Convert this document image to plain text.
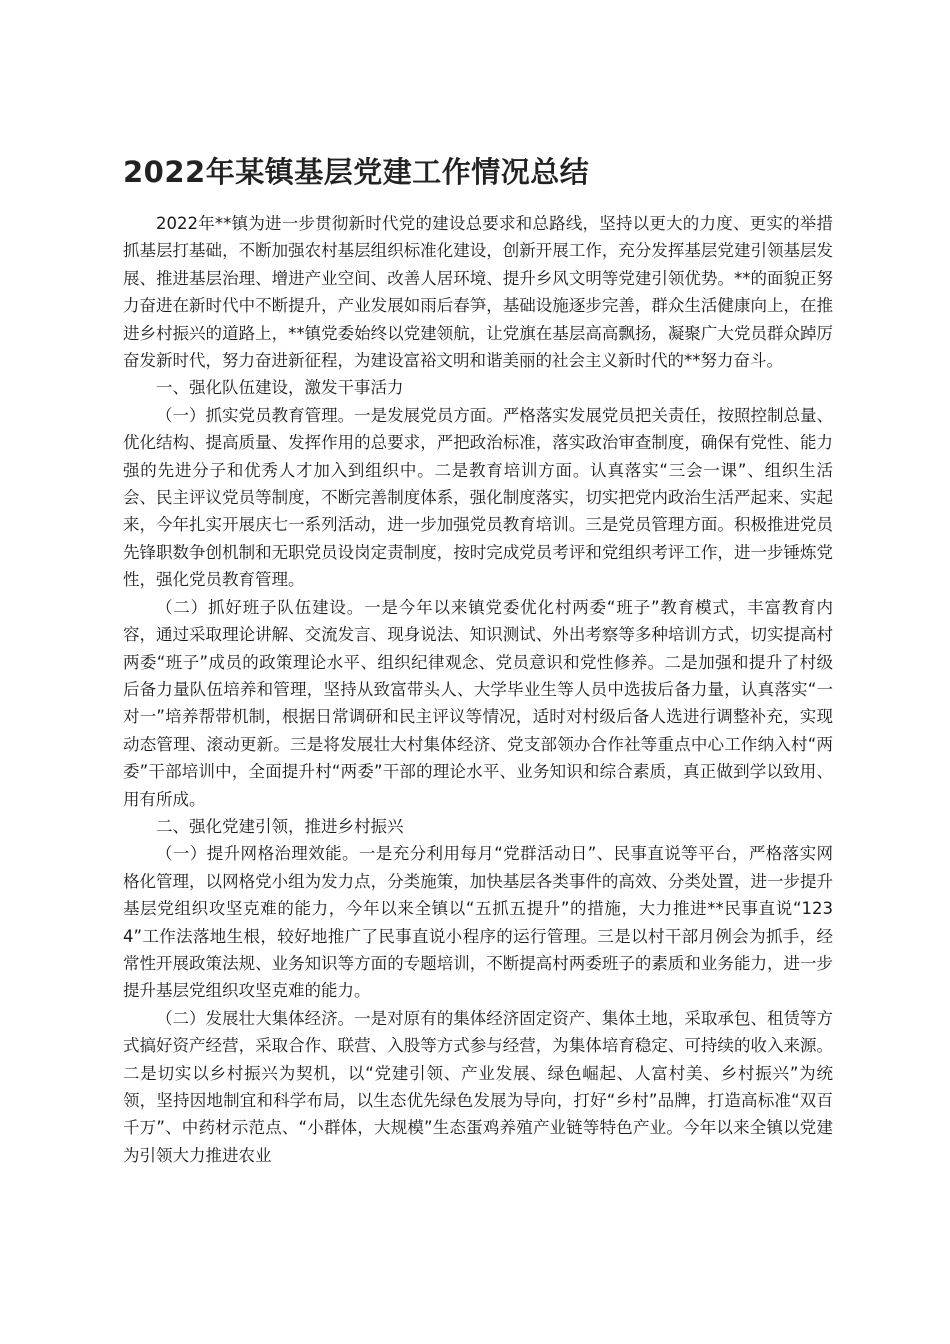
2022年某镇基层党建工作情况总结

2022年**镇为进一步贯彻新时代党的建设总要求和总路线，坚持以更大的力度、更实的举措抓基层打基础，不断加强农村基层组织标准化建设，创新开展工作，充分发挥基层党建引领基层发展、推进基层治理、增进产业空间、改善人居环境、提升乡风文明等党建引领优势。**的面貌正努力奋进在新时代中不断提升，产业发展如雨后春笋，基础设施逐步完善，群众生活健康向上，在推进乡村振兴的道路上，**镇党委始终以党建领航，让党旗在基层高高飘扬，凝聚广大党员群众踔厉奋发新时代，努力奋进新征程，为建设富裕文明和谐美丽的社会主义新时代的**努力奋斗。

一、强化队伍建设，激发干事活力

（一）抓实党员教育管理。一是发展党员方面。严格落实发展党员把关责任，按照控制总量、优化结构、提高质量、发挥作用的总要求，严把政治标准，落实政治审查制度，确保有党性、能力强的先进分子和优秀人才加入到组织中。二是教育培训方面。认真落实“三会一课”、组织生活会、民主评议党员等制度，不断完善制度体系，强化制度落实，切实把党内政治生活严起来、实起来，今年扎实开展庆七一系列活动，进一步加强党员教育培训。三是党员管理方面。积极推进党员先锋职数争创机制和无职党员设岗定责制度，按时完成党员考评和党组织考评工作，进一步锤炼党性，强化党员教育管理。

（二）抓好班子队伍建设。一是今年以来镇党委优化村两委“班子”教育模式，丰富教育内容，通过采取理论讲解、交流发言、现身说法、知识测试、外出考察等多种培训方式，切实提高村两委“班子”成员的政策理论水平、组织纪律观念、党员意识和党性修养。二是加强和提升了村级后备力量队伍培养和管理，坚持从致富带头人、大学毕业生等人员中选拔后备力量，认真落实“一对一”培养帮带机制，根据日常调研和民主评议等情况，适时对村级后备人选进行调整补充，实现动态管理、滚动更新。三是将发展壮大村集体经济、党支部领办合作社等重点中心工作纳入村“两委”干部培训中，全面提升村“两委”干部的理论水平、业务知识和综合素质，真正做到学以致用、用有所成。

二、强化党建引领，推进乡村振兴

（一）提升网格治理效能。一是充分利用每月“党群活动日”、民事直说等平台，严格落实网格化管理，以网格党小组为发力点，分类施策，加快基层各类事件的高效、分类处置，进一步提升基层党组织攻坚克难的能力，今年以来全镇以“五抓五提升”的措施，大力推进**民事直说“1234”工作法落地生根，较好地推广了民事直说小程序的运行管理。三是以村干部月例会为抓手，经常性开展政策法规、业务知识等方面的专题培训，不断提高村两委班子的素质和业务能力，进一步提升基层党组织攻坚克难的能力。

（二）发展壮大集体经济。一是对原有的集体经济固定资产、集体土地，采取承包、租赁等方式搞好资产经营，采取合作、联营、入股等方式参与经营，为集体培育稳定、可持续的收入来源。二是切实以乡村振兴为契机，以“党建引领、产业发展、绿色崛起、人富村美、乡村振兴”为统领，坚持因地制宜和科学布局，以生态优先绿色发展为导向，打好“乡村”品牌，打造高标准“双百千万”、中药材示范点、“小群体，大规模”生态蛋鸡养殖产业链等特色产业。今年以来全镇以党建为引领大力推进农业
